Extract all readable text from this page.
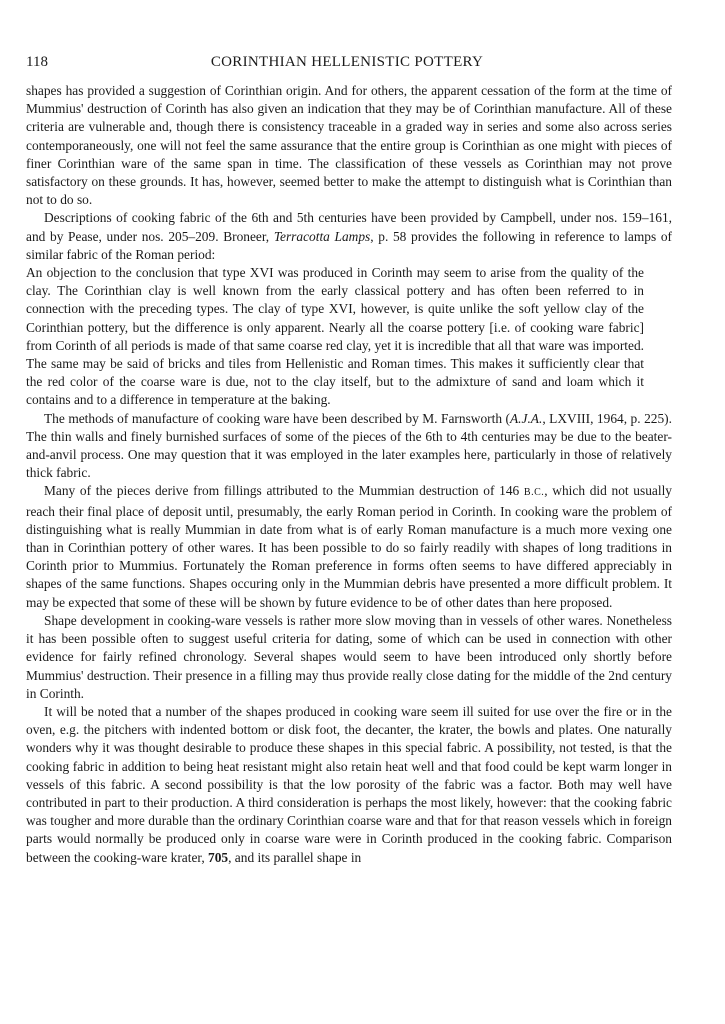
118	CORINTHIAN HELLENISTIC POTTERY

shapes has provided a suggestion of Corinthian origin. And for others, the apparent cessation of the form at the time of Mummius' destruction of Corinth has also given an indication that they may be of Corinthian manufacture. All of these criteria are vulnerable and, though there is consistency traceable in a graded way in series and some also across series contemporaneously, one will not feel the same assurance that the entire group is Corinthian as one might with pieces of finer Corinthian ware of the same span in time. The classification of these vessels as Corinthian may not prove satisfactory on these grounds. It has, however, seemed better to make the attempt to distinguish what is Corinthian than not to do so.

Descriptions of cooking fabric of the 6th and 5th centuries have been provided by Campbell, under nos. 159–161, and by Pease, under nos. 205–209. Broneer, Terracotta Lamps, p. 58 provides the following in reference to lamps of similar fabric of the Roman period:

An objection to the conclusion that type XVI was produced in Corinth may seem to arise from the quality of the clay. The Corinthian clay is well known from the early classical pottery and has often been referred to in connection with the preceding types. The clay of type XVI, however, is quite unlike the soft yellow clay of the Corinthian pottery, but the difference is only apparent. Nearly all the coarse pottery [i.e. of cooking ware fabric] from Corinth of all periods is made of that same coarse red clay, yet it is incredible that all that ware was imported. The same may be said of bricks and tiles from Hellenistic and Roman times. This makes it sufficiently clear that the red color of the coarse ware is due, not to the clay itself, but to the admixture of sand and loam which it contains and to a difference in temperature at the baking.

The methods of manufacture of cooking ware have been described by M. Farnsworth (A.J.A., LXVIII, 1964, p. 225). The thin walls and finely burnished surfaces of some of the pieces of the 6th to 4th centuries may be due to the beater-and-anvil process. One may question that it was employed in the later examples here, particularly in those of relatively thick fabric.

Many of the pieces derive from fillings attributed to the Mummian destruction of 146 B.C., which did not usually reach their final place of deposit until, presumably, the early Roman period in Corinth. In cooking ware the problem of distinguishing what is really Mummian in date from what is of early Roman manufacture is a much more vexing one than in Corinthian pottery of other wares. It has been possible to do so fairly readily with shapes of long traditions in Corinth prior to Mummius. Fortunately the Roman preference in forms often seems to have differed appreciably in shapes of the same functions. Shapes occuring only in the Mummian debris have presented a more difficult problem. It may be expected that some of these will be shown by future evidence to be of other dates than here proposed.

Shape development in cooking-ware vessels is rather more slow moving than in vessels of other wares. Nonetheless it has been possible often to suggest useful criteria for dating, some of which can be used in connection with other evidence for fairly refined chronology. Several shapes would seem to have been introduced only shortly before Mummius' destruction. Their presence in a filling may thus provide really close dating for the middle of the 2nd century in Corinth.

It will be noted that a number of the shapes produced in cooking ware seem ill suited for use over the fire or in the oven, e.g. the pitchers with indented bottom or disk foot, the decanter, the krater, the bowls and plates. One naturally wonders why it was thought desirable to produce these shapes in this special fabric. A possibility, not tested, is that the cooking fabric in addition to being heat resistant might also retain heat well and that food could be kept warm longer in vessels of this fabric. A second possibility is that the low porosity of the fabric was a factor. Both may well have contributed in part to their production. A third consideration is perhaps the most likely, however: that the cooking fabric was tougher and more durable than the ordinary Corinthian coarse ware and that for that reason vessels which in foreign parts would normally be produced only in coarse ware were in Corinth produced in the cooking fabric. Comparison between the cooking-ware krater, 705, and its parallel shape in
